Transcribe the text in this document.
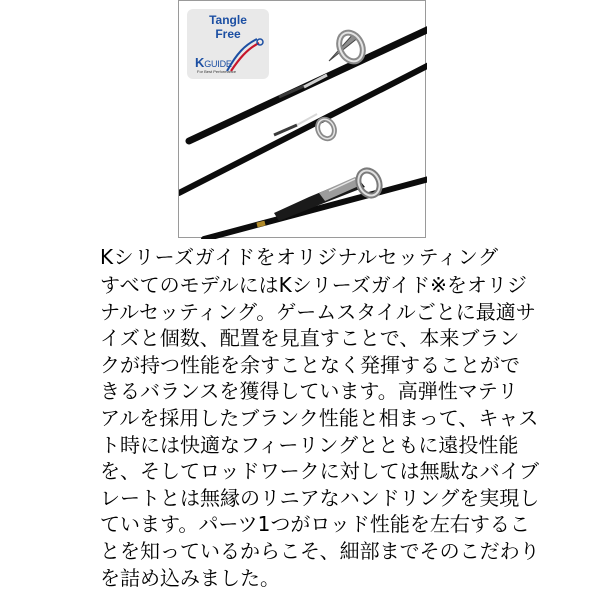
Tangle
Free
KGUIDE
For Best Performance
Kシリーズガイドをオリジナルセッティング

すべてのモデルにはKシリーズガイド※をオリジ
ナルセッティング。ゲームスタイルごとに最適サ
イズと個数、配置を見直すことで、本来ブラン
クが持つ性能を余すことなく発揮することがで
きるバランスを獲得しています。高弾性マテリ
アルを採用したブランク性能と相まって、キャス
ト時には快適なフィーリングとともに遠投性能
を、そしてロッドワークに対しては無駄なバイブ
レートとは無縁のリニアなハンドリングを実現し
ています。パーツ1つがロッド性能を左右するこ
とを知っているからこそ、細部までそのこだわり
を詰め込みました。
